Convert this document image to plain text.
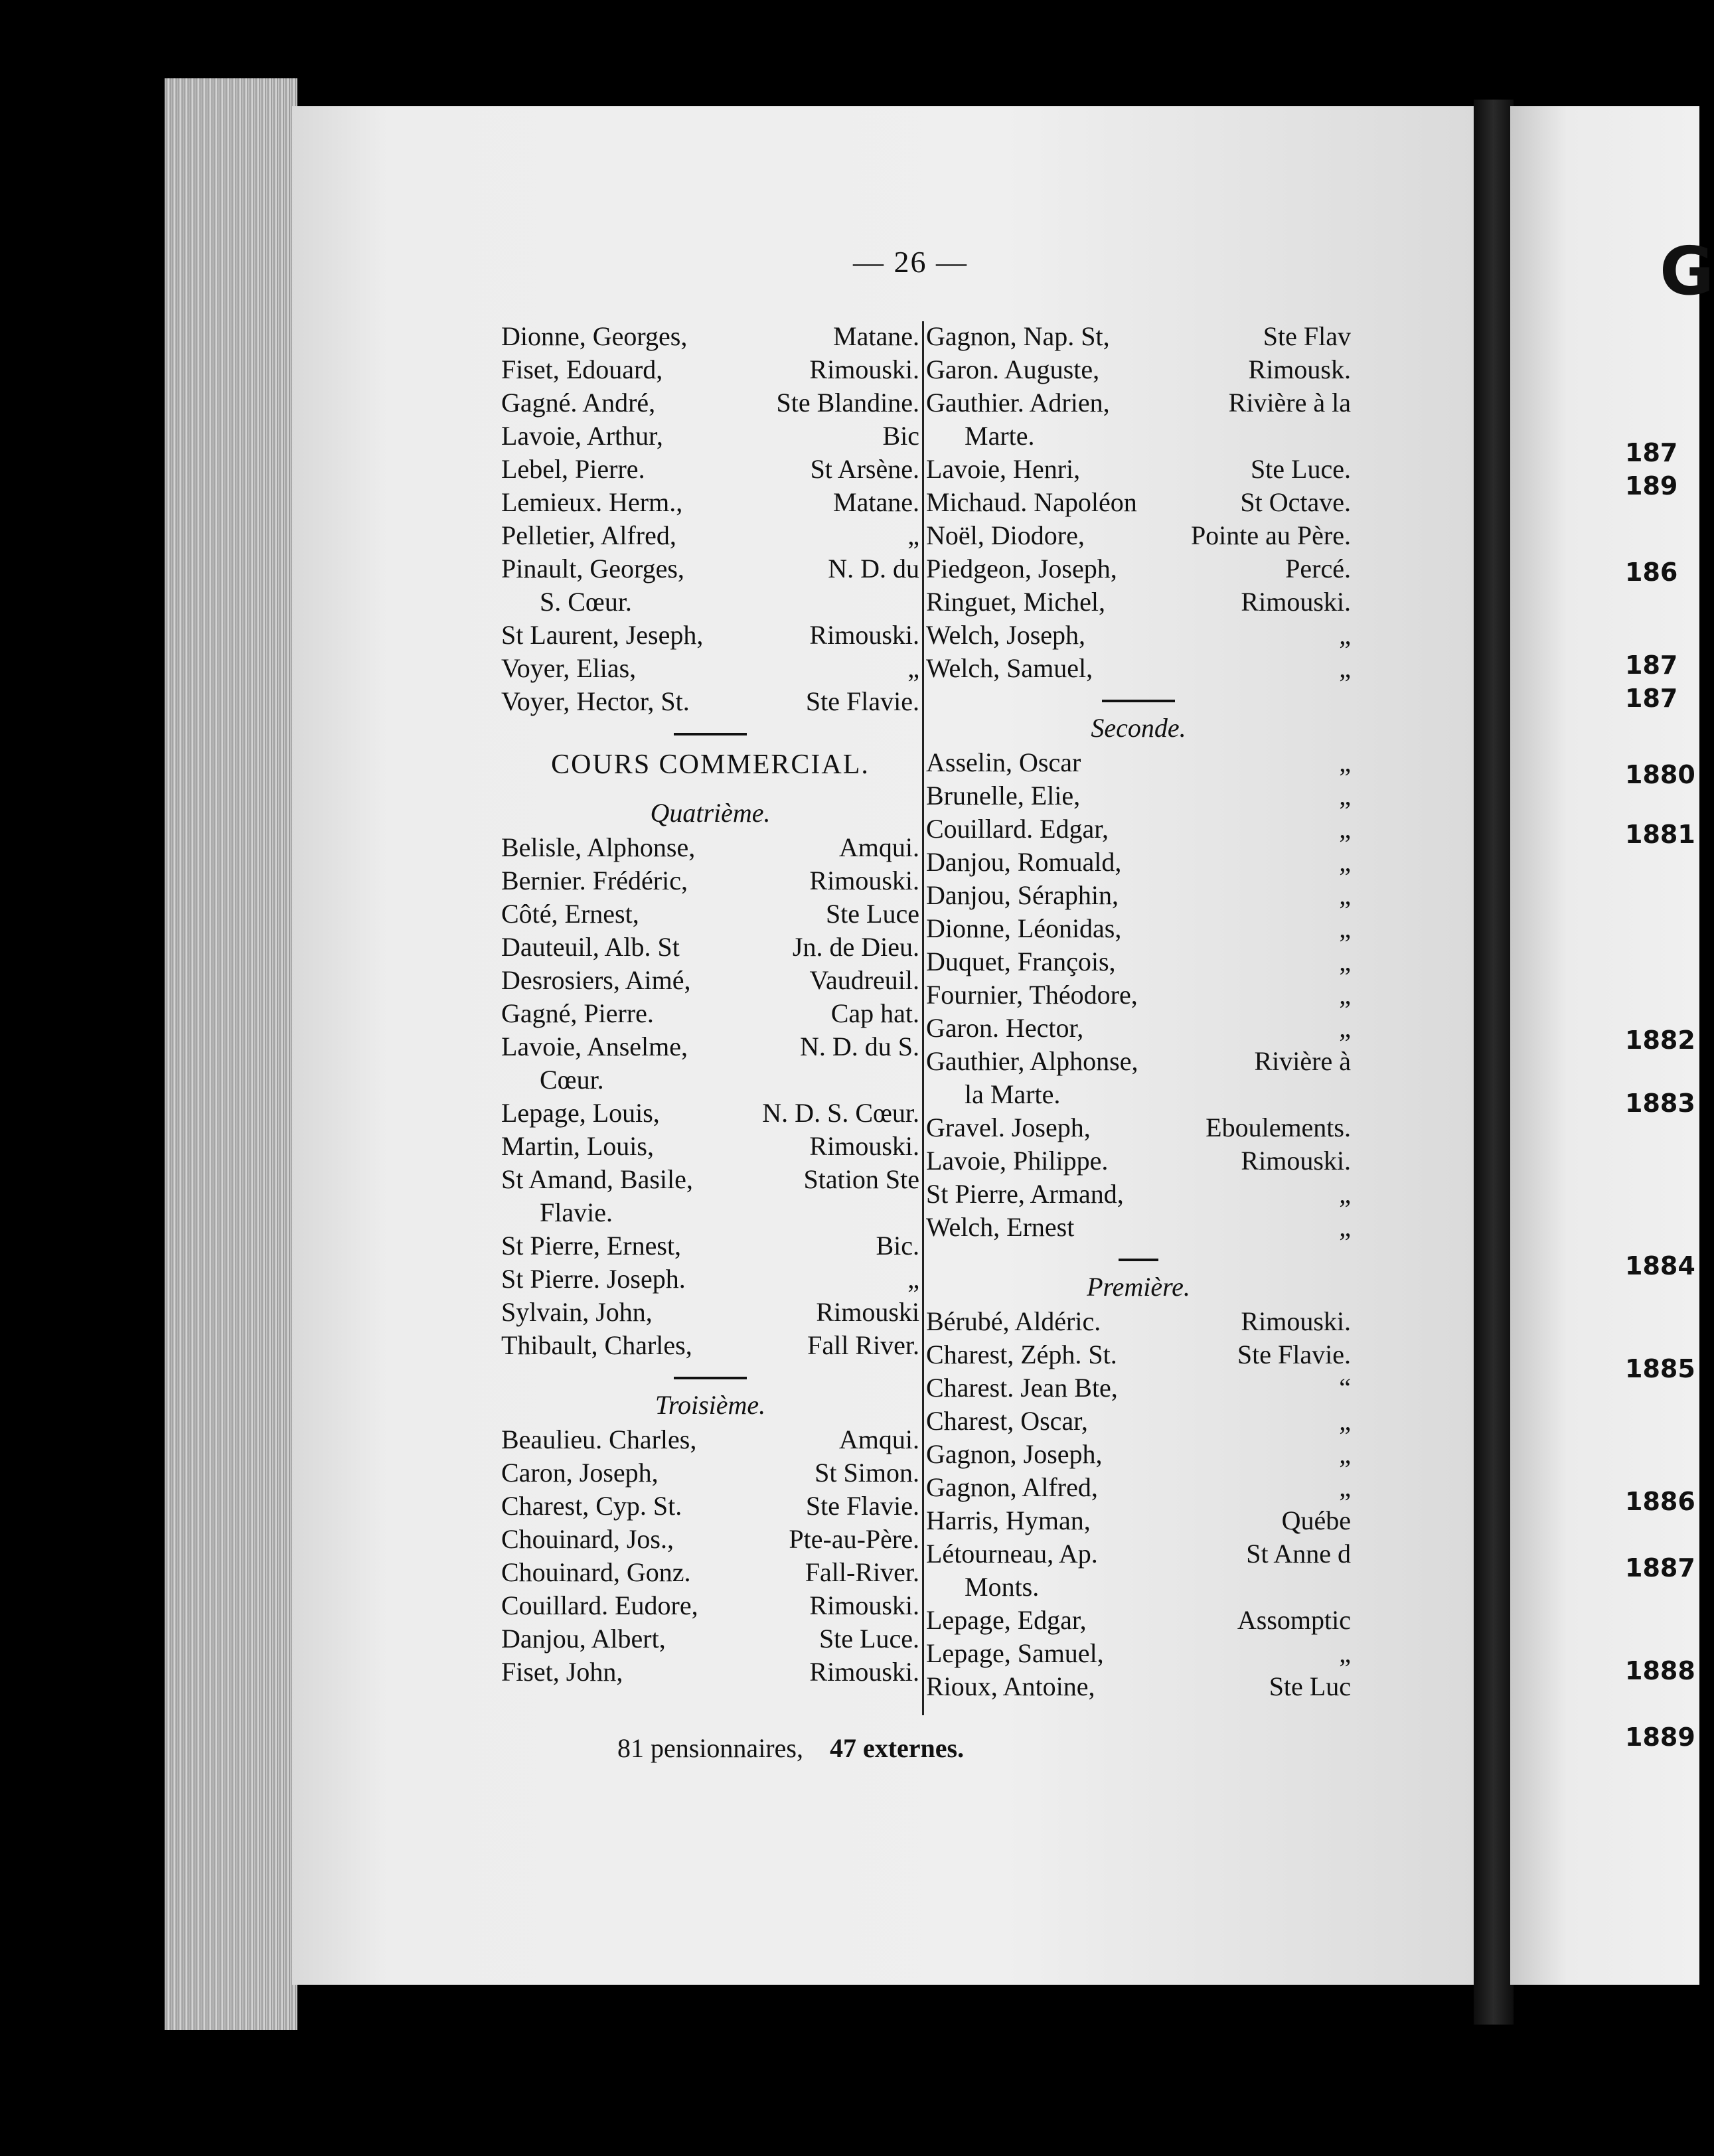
— 26 —
Dionne, Georges,	Matane.
Fiset, Edouard,	Rimouski.
Gagné. André,	Ste Blandine.
Lavoie, Arthur,	Bic
Lebel, Pierre.	St Arsène.
Lemieux. Herm.,	Matane.
Pelletier, Alfred,	„
Pinault, Georges,	N. D. du
S. Cœur.
St Laurent, Jeseph,	Rimouski.
Voyer, Elias,	„
Voyer, Hector, St.	Ste Flavie.
COURS COMMERCIAL.
Quatrième.
Belisle, Alphonse,	Amqui.
Bernier. Frédéric,	Rimouski.
Côté, Ernest,	Ste Luce
Dauteuil, Alb. St	Jn. de Dieu.
Desrosiers, Aimé,	Vaudreuil.
Gagné, Pierre.	Cap hat.
Lavoie, Anselme,	N. D. du S.
Cœur.
Lepage, Louis,	N. D. S. Cœur.
Martin, Louis,	Rimouski.
St Amand, Basile,	Station Ste
Flavie.
St Pierre, Ernest,	Bic.
St Pierre. Joseph.	„
Sylvain, John,	Rimouski
Thibault, Charles,	Fall River.
Troisième.
Beaulieu. Charles,	Amqui.
Caron, Joseph,	St Simon.
Charest, Cyp. St.	Ste Flavie.
Chouinard, Jos.,	Pte-au-Père.
Chouinard, Gonz.	Fall-River.
Couillard. Eudore,	Rimouski.
Danjou, Albert,	Ste Luce.
Fiset, John,	Rimouski.
Gagnon, Nap. St,	Ste Flav
Garon. Auguste,	Rimousk.
Gauthier. Adrien,	Rivière à la
Marte.
Lavoie, Henri,	Ste Luce.
Michaud. Napoléon	St Octave.
Noël, Diodore,	Pointe au Père.
Piedgeon, Joseph,	Percé.
Ringuet, Michel,	Rimouski.
Welch, Joseph,	„
Welch, Samuel,	„
Seconde.
Asselin, Oscar	„
Brunelle, Elie,	„
Couillard. Edgar,	„
Danjou, Romuald,	„
Danjou, Séraphin,	„
Dionne, Léonidas,	„
Duquet, François,	„
Fournier, Théodore,	„
Garon. Hector,	„
Gauthier, Alphonse,	Rivière à
la Marte.
Gravel. Joseph,	Eboulements.
Lavoie, Philippe.	Rimouski.
St Pierre, Armand,	„
Welch, Ernest	„
Première.
Bérubé, Aldéric.	Rimouski.
Charest, Zéph. St.	Ste Flavie.
Charest. Jean Bte,	“
Charest, Oscar,	„
Gagnon, Joseph,	„
Gagnon, Alfred,	„
Harris, Hyman,	Québe
Létourneau, Ap.	St Anne d
Monts.
Lepage, Edgar,	Assomptic
Lepage, Samuel,	„
Rioux, Antoine,	Ste Luc
81 pensionnaires, 47 externes.
G
187
189
186
187
187
1880
1881
1882
1883
1884
1885
1886
1887
1888
1889
